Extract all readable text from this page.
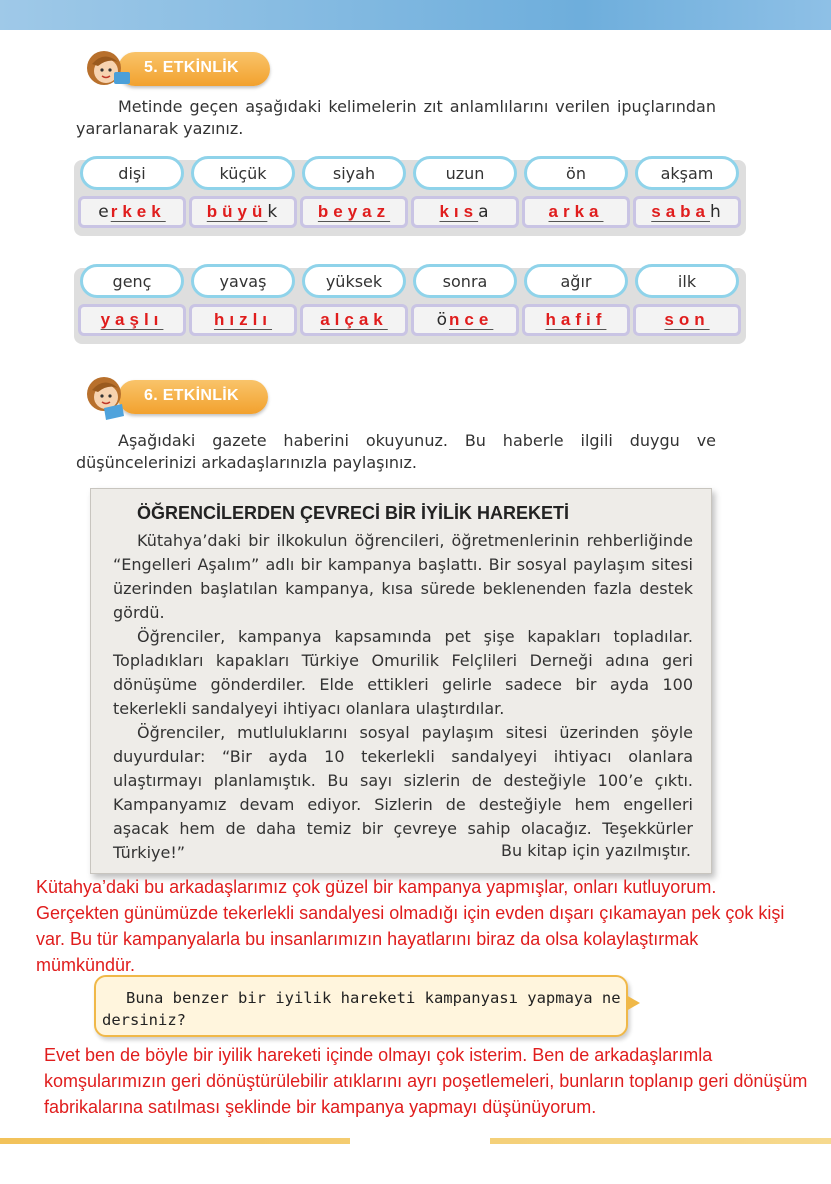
5. ETKİNLİK

Metinde geçen aşağıdaki kelimelerin zıt anlamlılarını verilen ipuçlarından yararlanarak yazınız.

dişi
e rkek
küçük
büyü k
siyah
beyaz
uzun
kıs a
ön
arka
akşam
saba h
genç
yaşlı
yavaş
hızlı
yüksek
alçak
sonra
ö nce
ağır
hafif
ilk
son
6. ETKİNLİK

Aşağıdaki gazete haberini okuyunuz. Bu haberle ilgili duygu ve düşüncelerinizi arkadaşlarınızla paylaşınız.

ÖĞRENCİLERDEN ÇEVRECİ BİR İYİLİK HAREKETİ

Kütahya’daki bir ilkokulun öğrencileri, öğretmenlerinin rehberliğinde “Engelleri Aşalım” adlı bir kampanya başlattı. Bir sosyal paylaşım sitesi üzerinden başlatılan kampanya, kısa sürede beklenenden fazla destek gördü.

Öğrenciler, kampanya kapsamında pet şişe kapakları topladılar. Topladıkları kapakları Türkiye Omurilik Felçlileri Derneği adına geri dönüşüme gönderdiler. Elde ettikleri gelirle sadece bir ayda 100 tekerlekli sandalyeyi ihtiyacı olanlara ulaştırdılar.

Öğrenciler, mutluluklarını sosyal paylaşım sitesi üzerinden şöyle duyurdular: “Bir ayda 10 tekerlekli sandalyeyi ihtiyacı olanlara ulaştırmayı planlamıştık. Bu sayı sizlerin de desteğiyle 100’e çıktı. Kampanyamız devam ediyor. Sizlerin de desteğiyle hem engelleri aşacak hem de daha temiz bir çevreye sahip olacağız. Teşekkürler Türkiye!”	Bu kitap için yazılmıştır.

Kütahya’daki bu arkadaşlarımız çok güzel bir kampanya yapmışlar, onları kutluyorum. Gerçekten günümüzde tekerlekli sandalyesi olmadığı için evden dışarı çıkamayan pek çok kişi var. Bu tür kampanyalarla bu insanlarımızın hayatlarını biraz da olsa kolaylaştırmak mümkündür.

Buna benzer bir iyilik hareketi kampanyası yapmaya ne dersiniz?

Evet ben de böyle bir iyilik hareketi içinde olmayı çok isterim. Ben de arkadaşlarımla komşularımızın geri dönüştürülebilir atıklarını ayrı poşetlemeleri, bunların toplanıp geri dönüşüm fabrikalarına satılması şeklinde bir kampanya yapmayı düşünüyorum.
